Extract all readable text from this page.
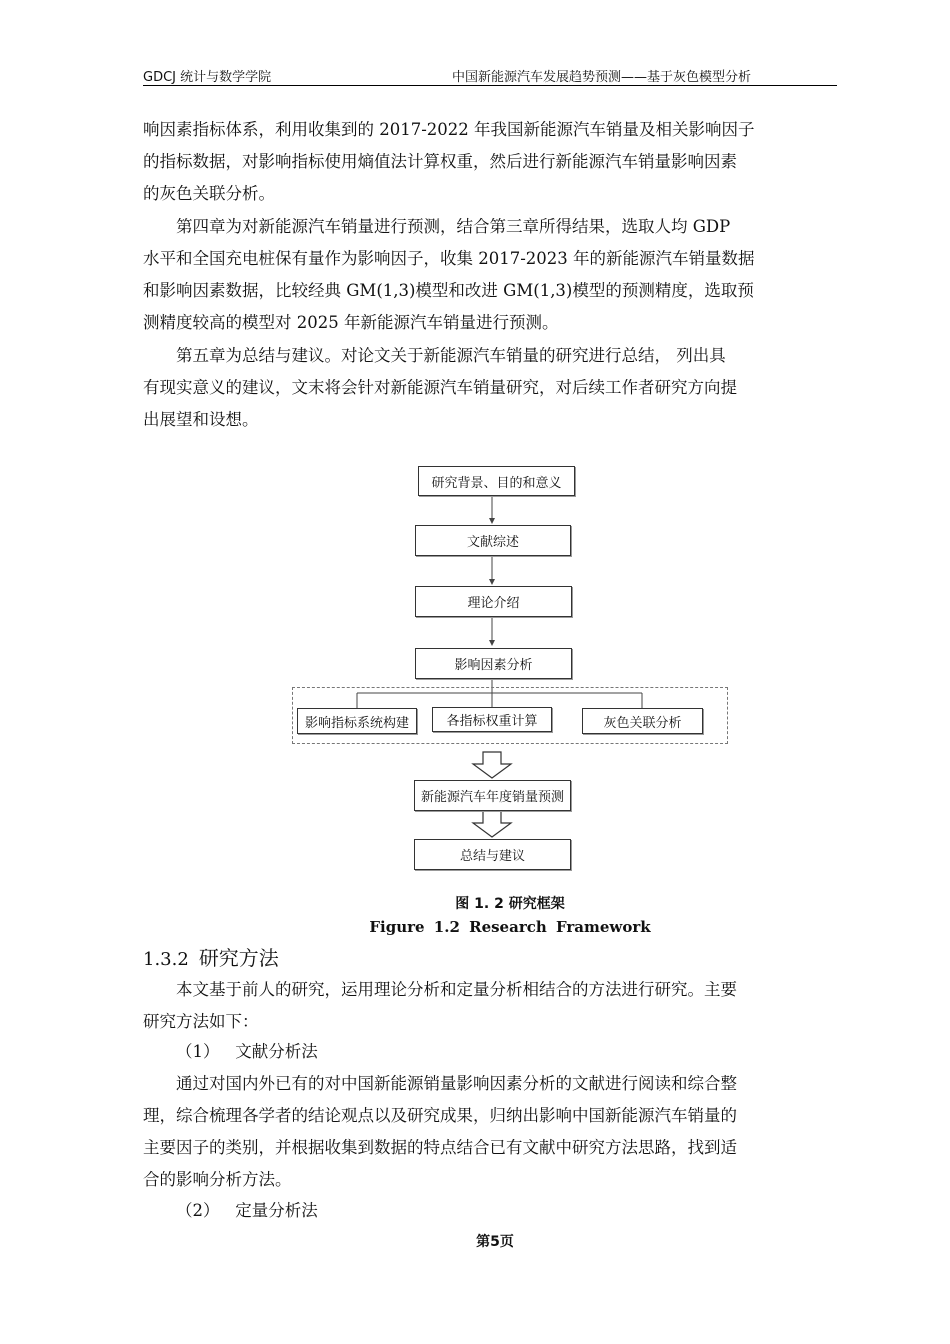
GDCJ 统计与数学学院	中国新能源汽车发展趋势预测——基于灰色模型分析
响因素指标体系，利用收集到的 2017-2022 年我国新能源汽车销量及相关影响因子
的指标数据，对影响指标使用熵值法计算权重，然后进行新能源汽车销量影响因素
的灰色关联分析。
第四章为对新能源汽车销量进行预测，结合第三章所得结果，选取人均 GDP
水平和全国充电桩保有量作为影响因子，收集 2017-2023 年的新能源汽车销量数据
和影响因素数据，比较经典 GM(1,3)模型和改进 GM(1,3)模型的预测精度，选取预
测精度较高的模型对 2025 年新能源汽车销量进行预测。
第五章为总结与建议。对论文关于新能源汽车销量的研究进行总结， 列出具
有现实意义的建议，文末将会针对新能源汽车销量研究，对后续工作者研究方向提
出展望和设想。
研究背景、目的和意义
文献综述
理论介绍
影响因素分析
影响指标系统构建	各指标权重计算	灰色关联分析
新能源汽车年度销量预测
总结与建议
图 1. 2 研究框架
Figure 1.2 Research Framework
1.3.2 研究方法
本文基于前人的研究，运用理论分析和定量分析相结合的方法进行研究。主要
研究方法如下：
（1）   文献分析法
通过对国内外已有的对中国新能源销量影响因素分析的文献进行阅读和综合整
理，综合梳理各学者的结论观点以及研究成果，归纳出影响中国新能源汽车销量的
主要因子的类别，并根据收集到数据的特点结合已有文献中研究方法思路，找到适
合的影响分析方法。
（2）   定量分析法
第5页
